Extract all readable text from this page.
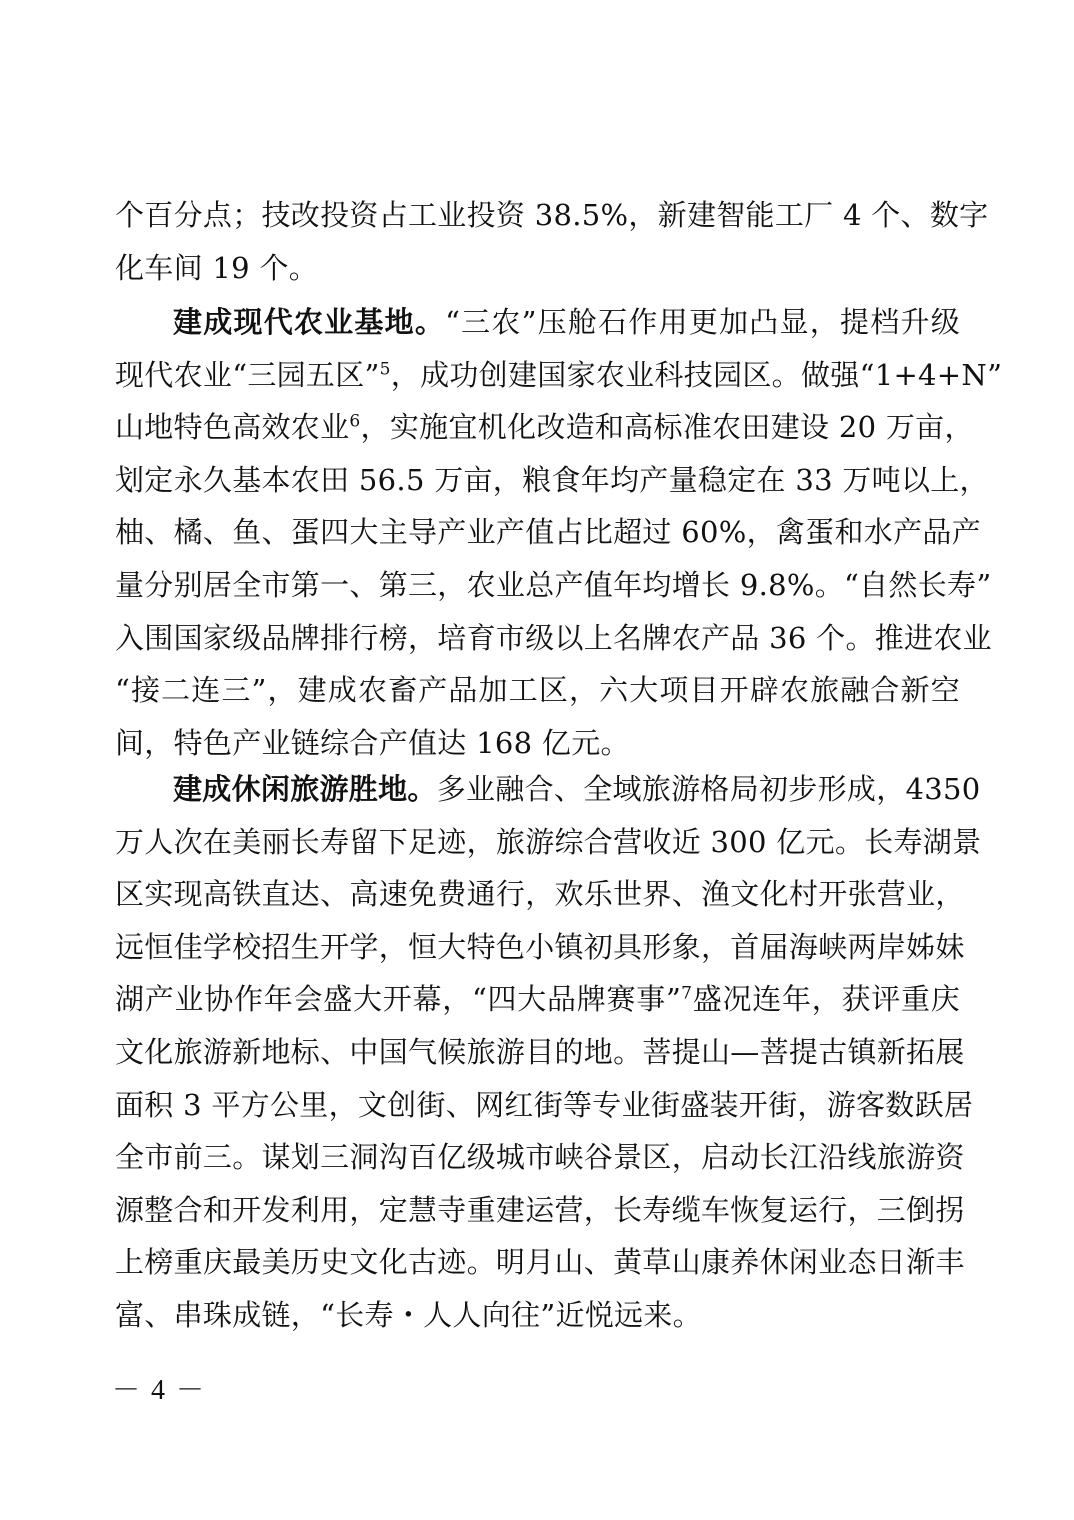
个百分点；技改投资占工业投资 38.5%，新建智能工厂 4 个、数字
化车间 19 个。
建成现代农业基地。“三农”压舱石作用更加凸显，提档升级
现代农业“三园五区”$^5$，成功创建国家农业科技园区。做强“1+4+N”
山地特色高效农业$^6$，实施宜机化改造和高标准农田建设 20 万亩，
划定永久基本农田 56.5 万亩，粮食年均产量稳定在 33 万吨以上，
柚、橘、鱼、蛋四大主导产业产值占比超过 60%，禽蛋和水产品产
量分别居全市第一、第三，农业总产值年均增长 9.8%。“自然长寿”
入围国家级品牌排行榜，培育市级以上名牌农产品 36 个。推进农业
“接二连三”，建成农畜产品加工区，六大项目开辟农旅融合新空
间，特色产业链综合产值达 168 亿元。
建成休闲旅游胜地。多业融合、全域旅游格局初步形成，4350
万人次在美丽长寿留下足迹，旅游综合营收近 300 亿元。长寿湖景
区实现高铁直达、高速免费通行，欢乐世界、渔文化村开张营业，
远恒佳学校招生开学，恒大特色小镇初具形象，首届海峡两岸姊妹
湖产业协作年会盛大开幕，“四大品牌赛事”$^7$盛况连年，获评重庆
文化旅游新地标、中国气候旅游目的地。菩提山—菩提古镇新拓展
面积 3 平方公里，文创街、网红街等专业街盛装开街，游客数跃居
全市前三。谋划三洞沟百亿级城市峡谷景区，启动长江沿线旅游资
源整合和开发利用，定慧寺重建运营，长寿缆车恢复运行，三倒拐
上榜重庆最美历史文化古迹。明月山、黄草山康养休闲业态日渐丰
富、串珠成链，“长寿・人人向往”近悦远来。
－ 4 －
